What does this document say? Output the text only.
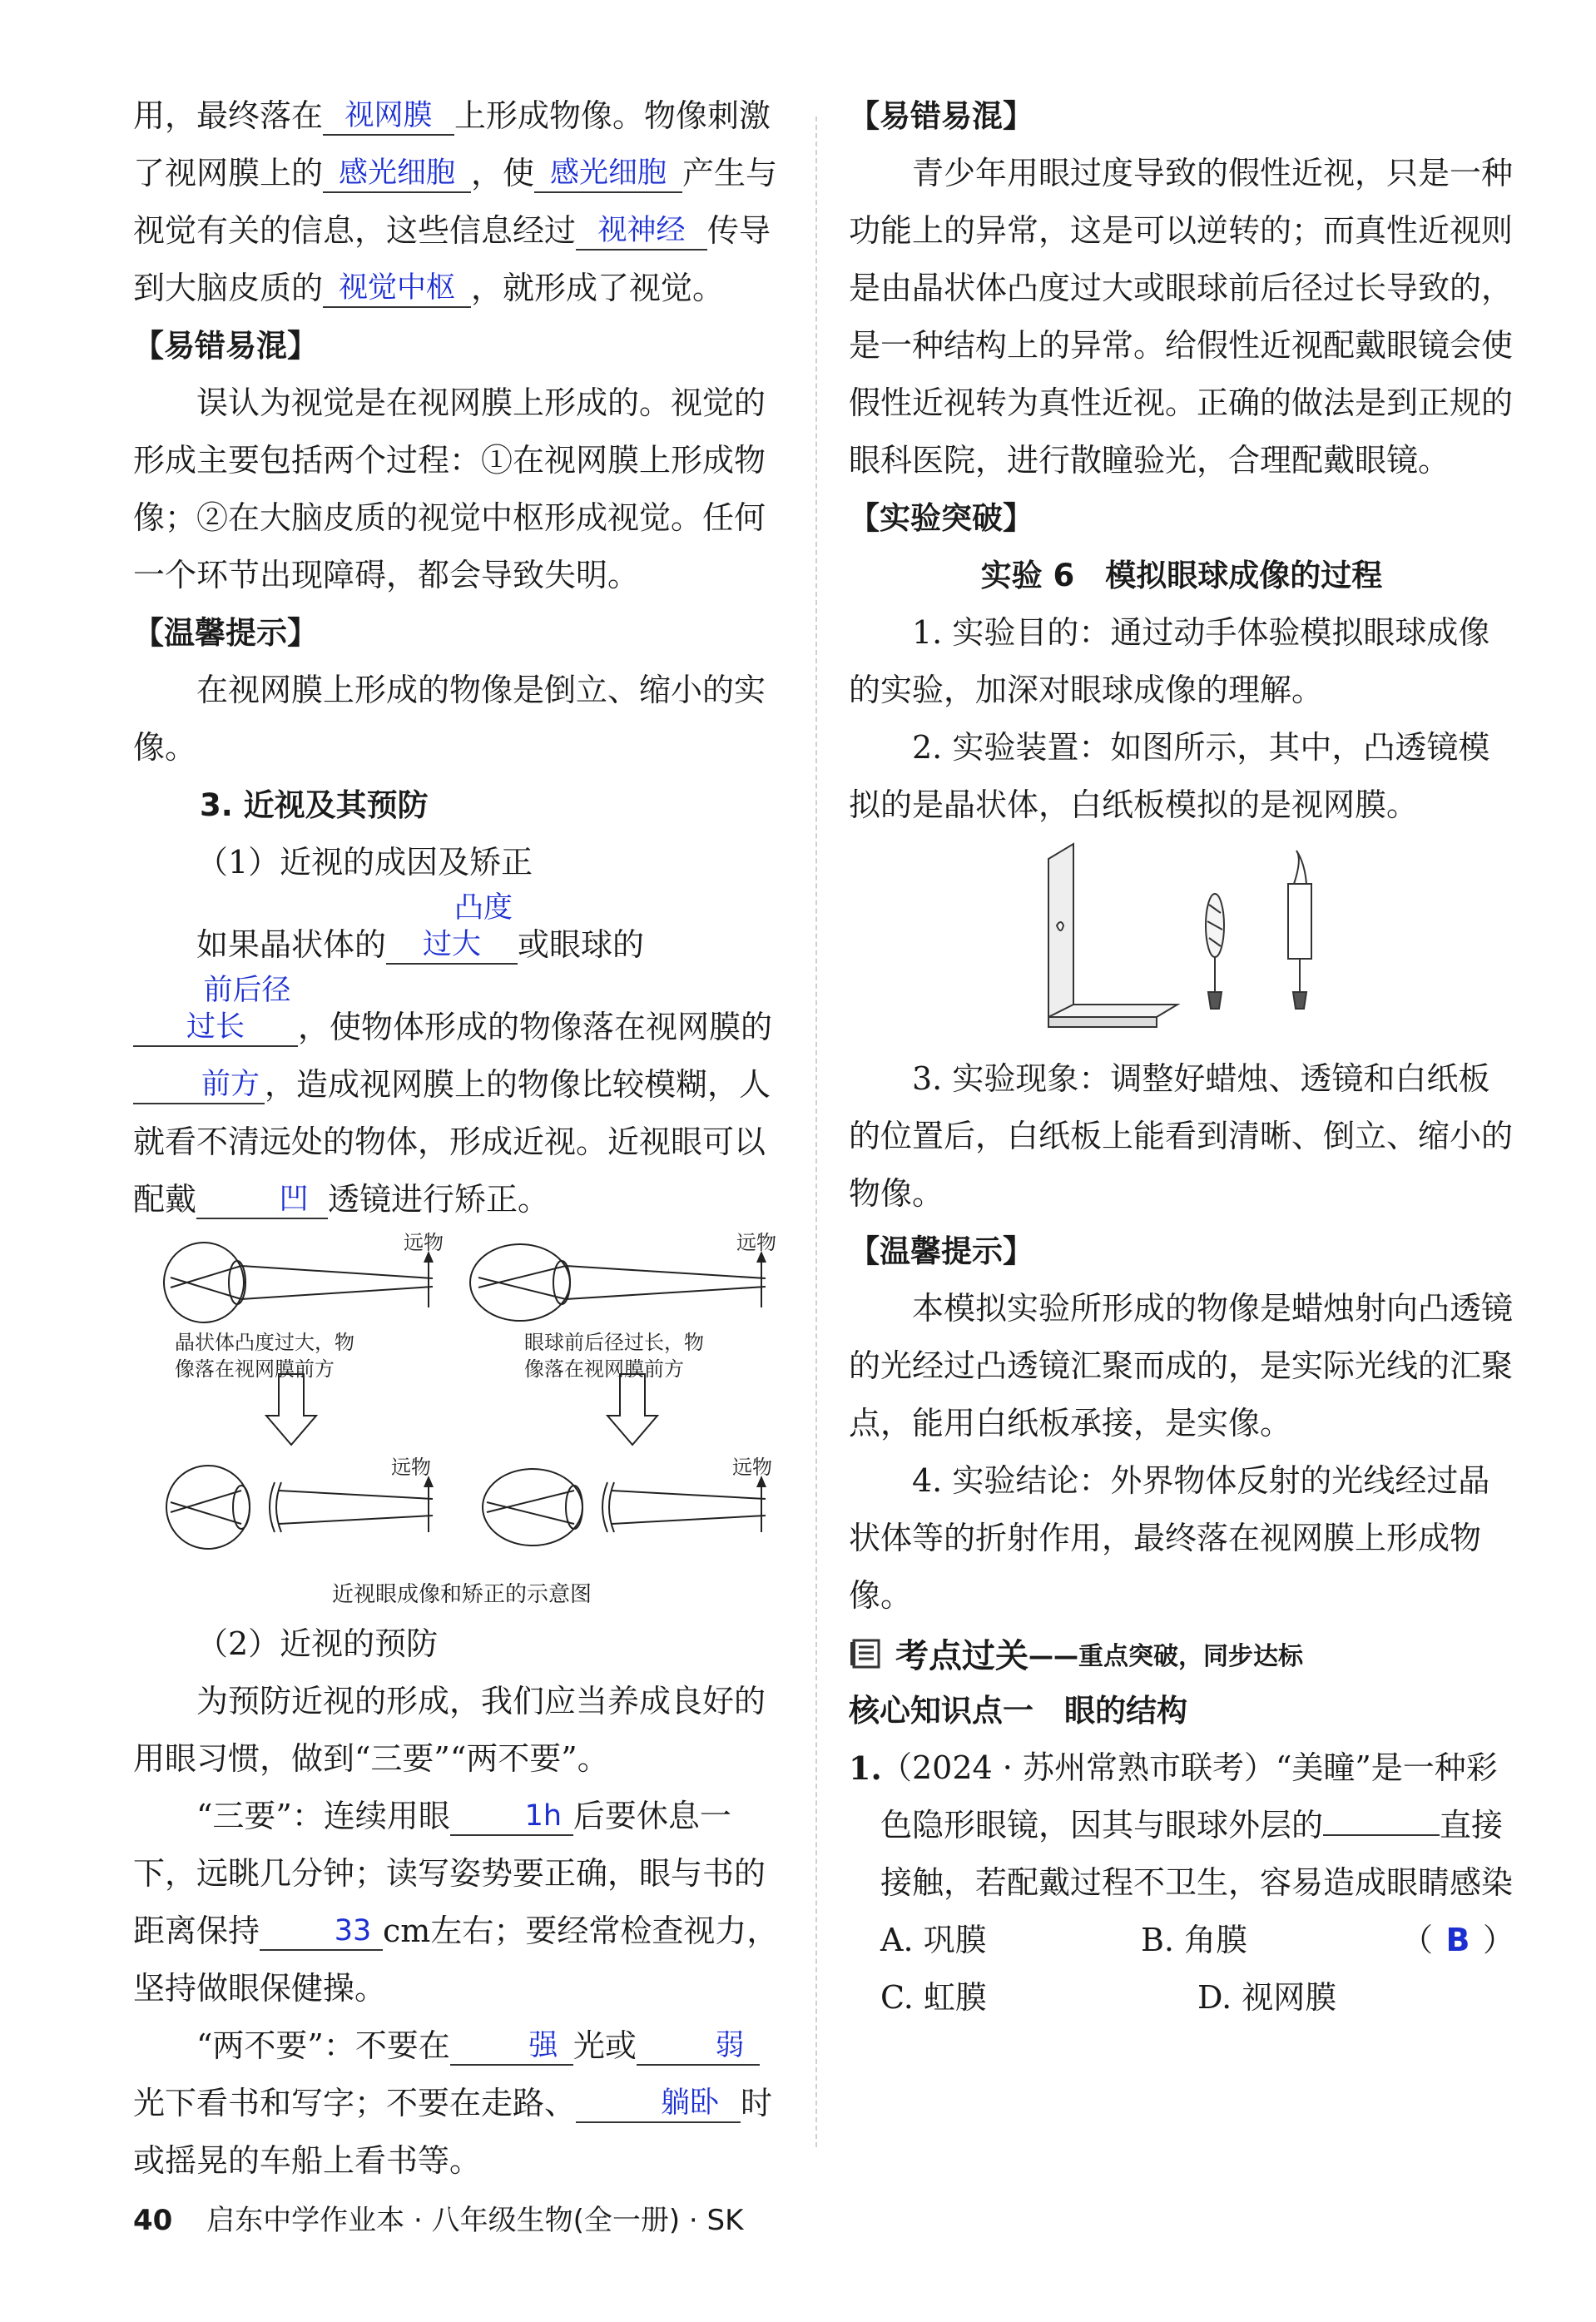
用，最终落在 视网膜 上形成物像。物像刺激了视网膜上的 感光细胞 ，使 感光细胞 产生与视觉有关的信息，这些信息经过 视神经 传导到大脑皮质的 视觉中枢 ，就形成了视觉。

【易错易混】

误认为视觉是在视网膜上形成的。视觉的形成主要包括两个过程：①在视网膜上形成物像；②在大脑皮质的视觉中枢形成视觉。任何一个环节出现障碍，都会导致失明。

【温馨提示】

在视网膜上形成的物像是倒立、缩小的实像。

3. 近视及其预防

（1）近视的成因及矫正

如果晶状体的凸度过大 或眼球的前后径过长 ，使物体形成的物像落在视网膜的前方 ，造成视网膜上的物像比较模糊，人就看不清远处的物体，形成近视。近视眼可以配戴	凹 透镜进行矫正。

远物	远物
远物	远物
晶状体凸度过大，物
像落在视网膜前方
眼球前后径过长，物
像落在视网膜前方
近视眼成像和矫正的示意图

（2）近视的预防

为预防近视的形成，我们应当养成良好的用眼习惯，做到“三要”“两不要”。

“三要”：连续用眼	1h 后要休息一下，远眺几分钟；读写姿势要正确，眼与书的距离保持	33 cm左右；要经常检查视力，坚持做眼保健操。

“两不要”：不要在	强 光或	弱光下看书和写字；不要在走路、	躺卧 时或摇晃的车船上看书等。

【易错易混】

青少年用眼过度导致的假性近视，只是一种功能上的异常，这是可以逆转的；而真性近视则是由晶状体凸度过大或眼球前后径过长导致的，是一种结构上的异常。给假性近视配戴眼镜会使假性近视转为真性近视。正确的做法是到正规的眼科医院，进行散瞳验光，合理配戴眼镜。

【实验突破】

实验 6　模拟眼球成像的过程

1. 实验目的：通过动手体验模拟眼球成像的实验，加深对眼球成像的理解。

2. 实验装置：如图所示，其中，凸透镜模拟的是晶状体，白纸板模拟的是视网膜。

3. 实验现象：调整好蜡烛、透镜和白纸板的位置后，白纸板上能看到清晰、倒立、缩小的物像。

【温馨提示】

本模拟实验所形成的物像是蜡烛射向凸透镜的光经过凸透镜汇聚而成的，是实际光线的汇聚点，能用白纸板承接，是实像。

4. 实验结论：外界物体反射的光线经过晶状体等的折射作用，最终落在视网膜上形成物像。

考点过关 ——重点突破，同步达标

核心知识点一　眼的结构

1.

（2024 · 苏州常熟市联考）“美瞳”是一种彩色隐形眼镜，因其与眼球外层的	直接接触，若配戴过程不卫生，容易造成眼睛感染
（ B ）

A. 巩膜	B. 角膜
C. 虹膜	D. 视网膜
40 启东中学作业本 · 八年级生物(全一册) · SK
